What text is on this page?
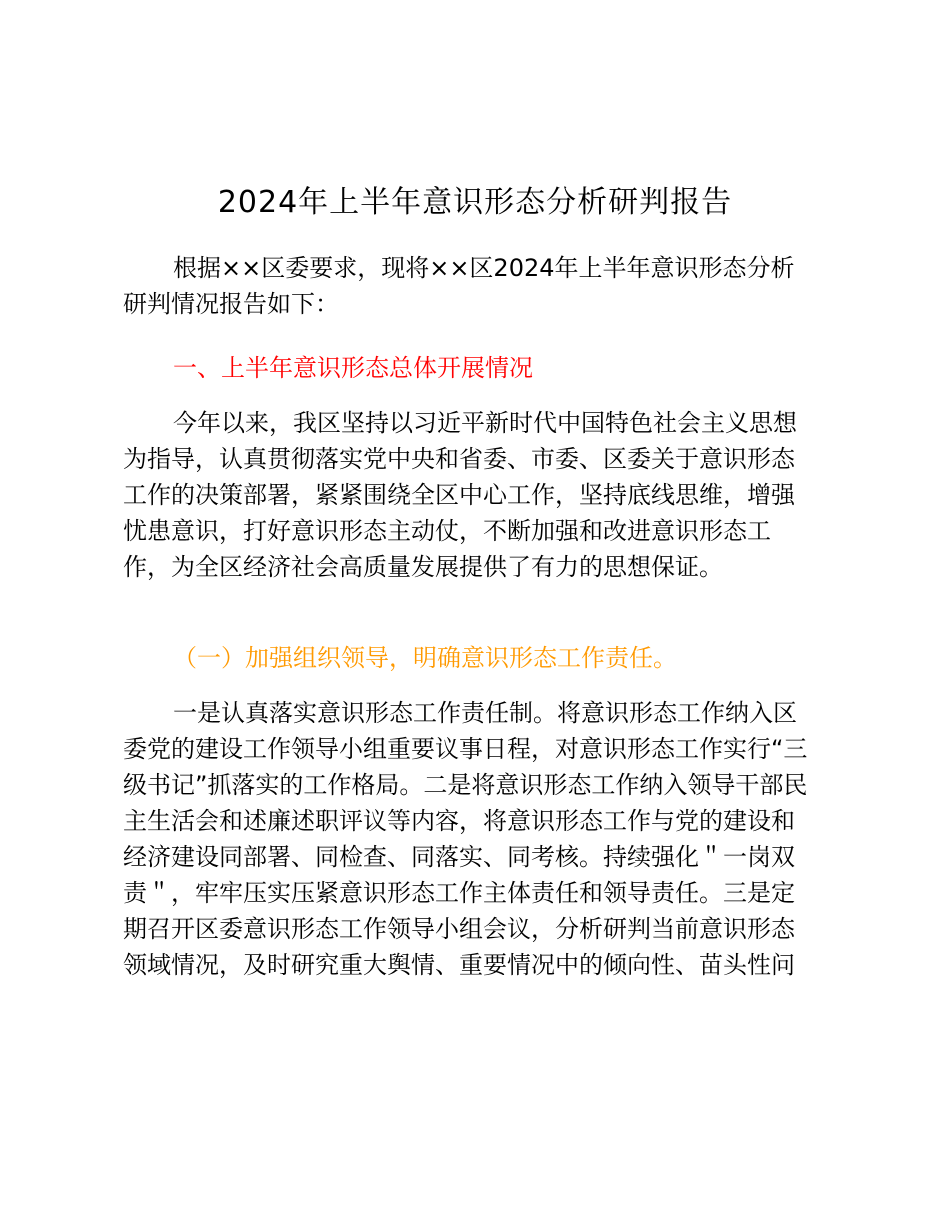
2024年上半年意识形态分析研判报告

根据××区委要求，现将××区2024年上半年意识形态分析
研判情况报告如下：

一、上半年意识形态总体开展情况

今年以来，我区坚持以习近平新时代中国特色社会主义思想
为指导，认真贯彻落实党中央和省委、市委、区委关于意识形态
工作的决策部署，紧紧围绕全区中心工作，坚持底线思维，增强
忧患意识，打好意识形态主动仗，不断加强和改进意识形态工
作，为全区经济社会高质量发展提供了有力的思想保证。

（一）加强组织领导，明确意识形态工作责任。

一是认真落实意识形态工作责任制。将意识形态工作纳入区
委党的建设工作领导小组重要议事日程，对意识形态工作实行“三
级书记”抓落实的工作格局。二是将意识形态工作纳入领导干部民
主生活会和述廉述职评议等内容，将意识形态工作与党的建设和
经济建设同部署、同检查、同落实、同考核。持续强化＂一岗双
责＂，牢牢压实压紧意识形态工作主体责任和领导责任。三是定
期召开区委意识形态工作领导小组会议，分析研判当前意识形态
领域情况，及时研究重大舆情、重要情况中的倾向性、苗头性问
